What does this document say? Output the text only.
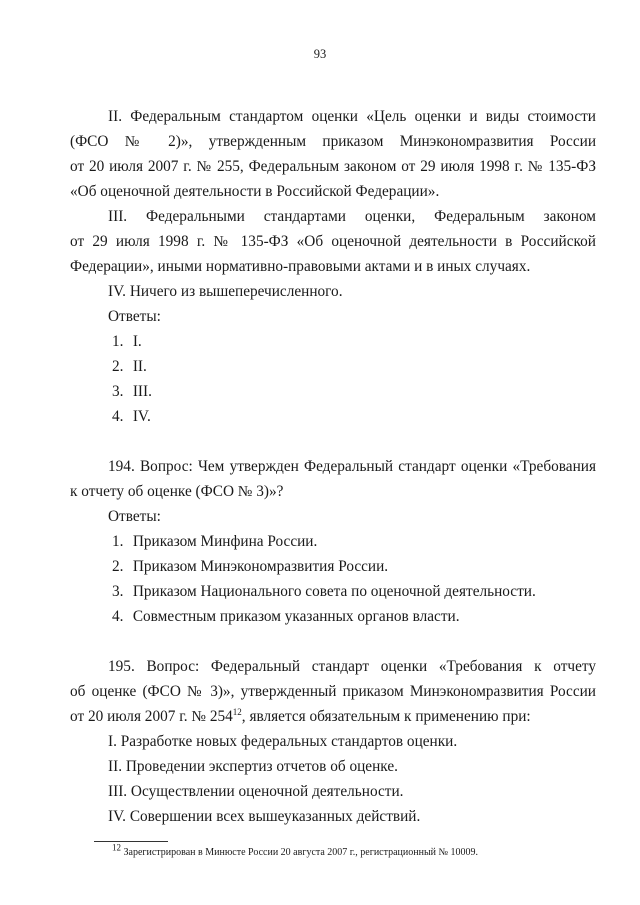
93
II. Федеральным стандартом оценки «Цель оценки и виды стоимости
(ФСО № 2)», утвержденным приказом Минэкономразвития России
от 20 июля 2007 г. № 255, Федеральным законом от 29 июля 1998 г. № 135-ФЗ
«Об оценочной деятельности в Российской Федерации».
III. Федеральными стандартами оценки, Федеральным законом
от 29 июля 1998 г. № 135-ФЗ «Об оценочной деятельности в Российской
Федерации», иными нормативно-правовыми актами и в иных случаях.
IV. Ничего из вышеперечисленного.
Ответы:
1. I.
2. II.
3. III.
4. IV.
194. Вопрос: Чем утвержден Федеральный стандарт оценки «Требования
к отчету об оценке (ФСО № 3)»?
Ответы:
1. Приказом Минфина России.
2. Приказом Минэкономразвития России.
3. Приказом Национального совета по оценочной деятельности.
4. Совместным приказом указанных органов власти.
195. Вопрос: Федеральный стандарт оценки «Требования к отчету
об оценке (ФСО № 3)», утвержденный приказом Минэкономразвития России
от 20 июля 2007 г. № $254^{12}$, является обязательным к применению при:
I. Разработке новых федеральных стандартов оценки.
II. Проведении экспертиз отчетов об оценке.
III. Осуществлении оценочной деятельности.
IV. Совершении всех вышеуказанных действий.
$^{12}$ Зарегистрирован в Минюсте России 20 августа 2007 г., регистрационный № 10009.
